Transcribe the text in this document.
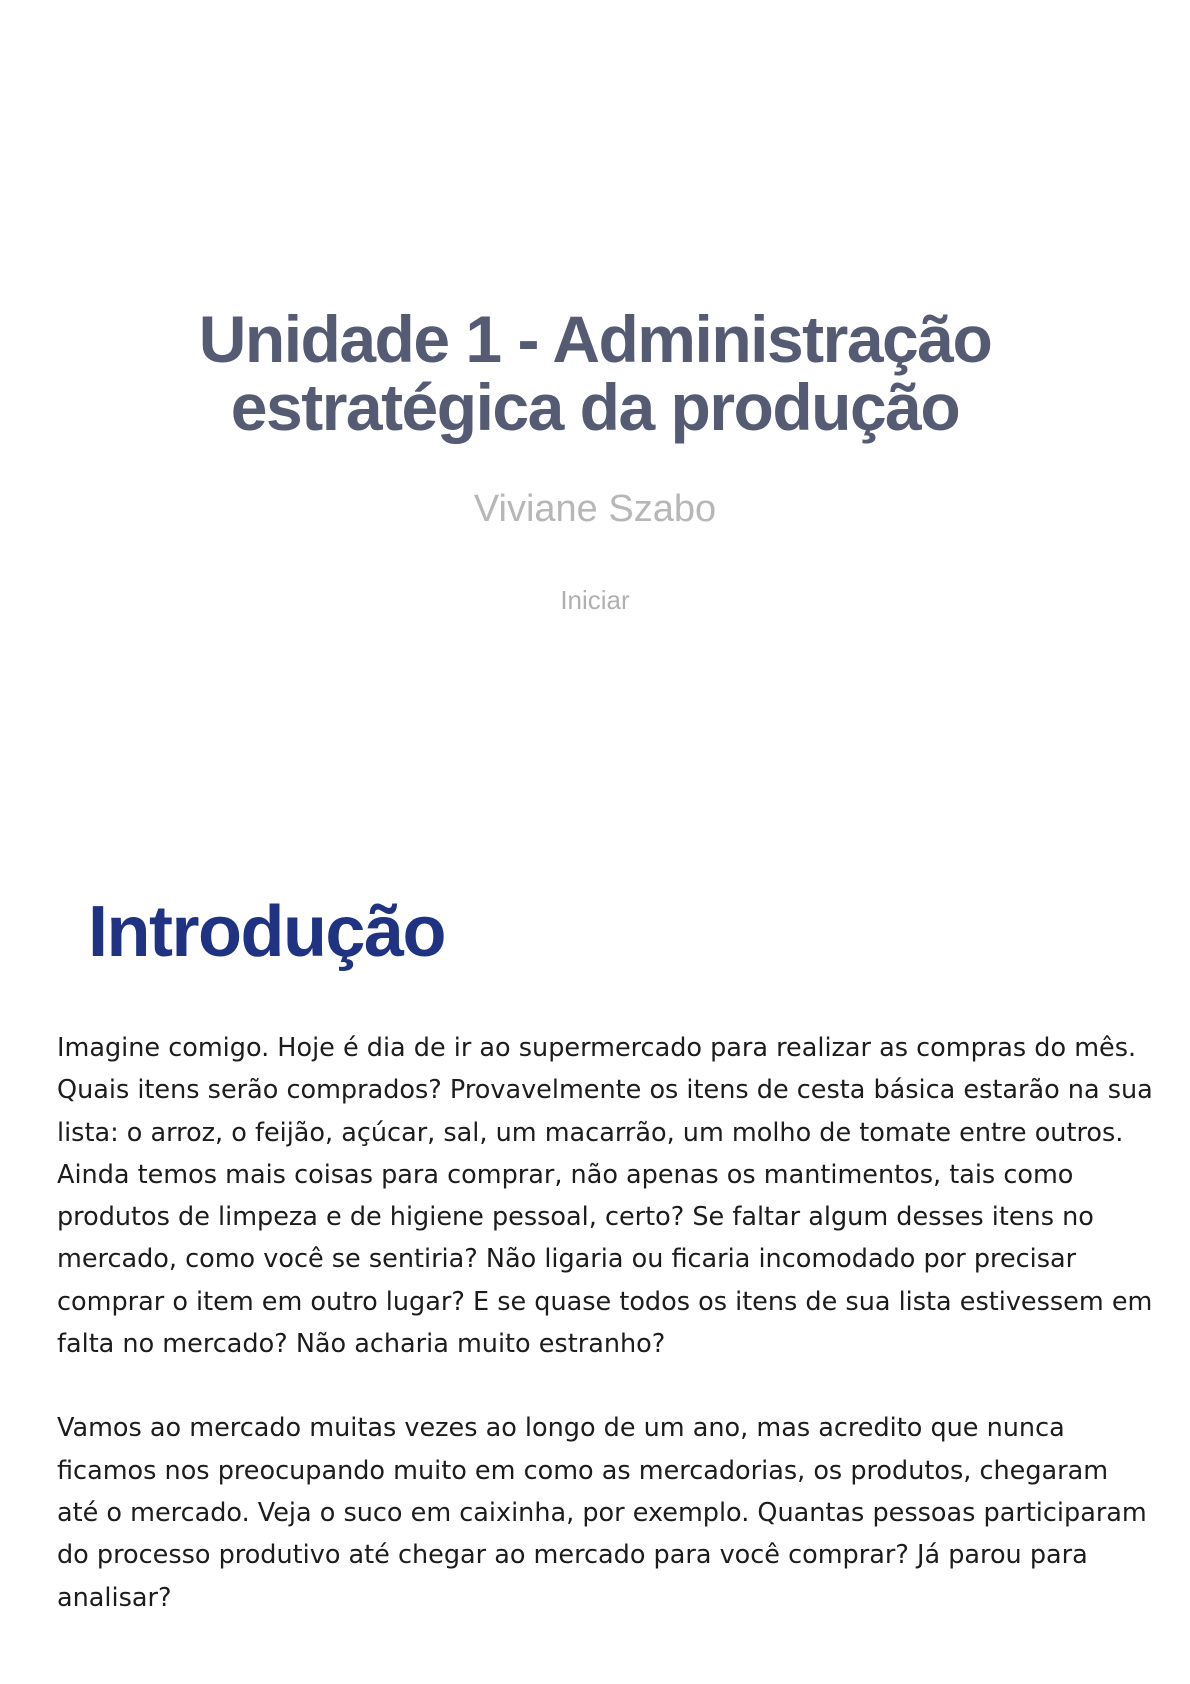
Unidade 1 - Administração
estratégica da produção
Viviane Szabo
Iniciar
Introdução

Imagine comigo. Hoje é dia de ir ao supermercado para realizar as compras do mês.
Quais itens serão comprados? Provavelmente os itens de cesta básica estarão na sua
lista: o arroz, o feijão, açúcar, sal, um macarrão, um molho de tomate entre outros.
Ainda temos mais coisas para comprar, não apenas os mantimentos, tais como
produtos de limpeza e de higiene pessoal, certo? Se faltar algum desses itens no
mercado, como você se sentiria? Não ligaria ou ficaria incomodado por precisar
comprar o item em outro lugar? E se quase todos os itens de sua lista estivessem em
falta no mercado? Não acharia muito estranho?

Vamos ao mercado muitas vezes ao longo de um ano, mas acredito que nunca
ficamos nos preocupando muito em como as mercadorias, os produtos, chegaram
até o mercado. Veja o suco em caixinha, por exemplo. Quantas pessoas participaram
do processo produtivo até chegar ao mercado para você comprar? Já parou para
analisar?
